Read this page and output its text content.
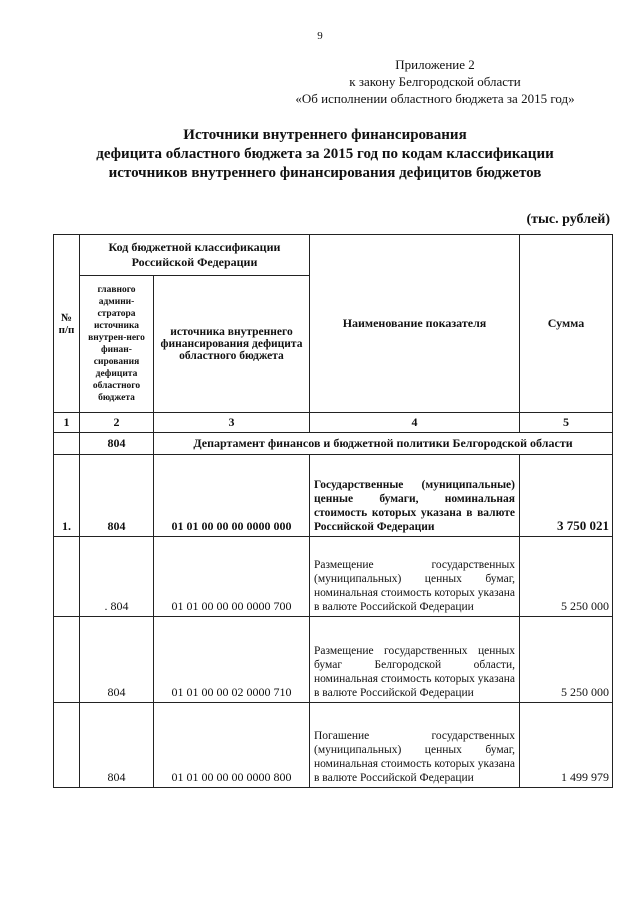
9
Приложение 2
к закону Белгородской области
«Об исполнении областного бюджета за 2015 год»
Источники внутреннего финансирования
дефицита областного бюджета за 2015 год по кодам классификации
источников внутреннего финансирования дефицитов бюджетов
(тыс. рублей)
№ п/п	Код бюджетной классификации Российской Федерации		Наименование показателя	Сумма
	главного админи-стратора источника внутрен-него финан-сирования дефицита областного бюджета	источника внутреннего финансирования дефицита областного бюджета		
1	2	3	4	5
	804	Департамент финансов и бюджетной политики Белгородской области		
1.	804	01 01 00 00 00 0000 000	Государственные (муниципальные) ценные бумаги, номинальная стоимость которых указана в валюте Российской Федерации	3 750 021
	. 804	01 01 00 00 00 0000 700	Размещение государственных (муниципальных) ценных бумаг, номинальная стоимость которых указана в валюте Российской Федерации	5 250 000
	804	01 01 00 00 02 0000 710	Размещение государственных ценных бумаг Белгородской области, номинальная стоимость которых указана в валюте Российской Федерации	5 250 000
	804	01 01 00 00 00 0000 800	Погашение государственных (муниципальных) ценных бумаг, номинальная стоимость которых указана в валюте Российской Федерации	1 499 979
